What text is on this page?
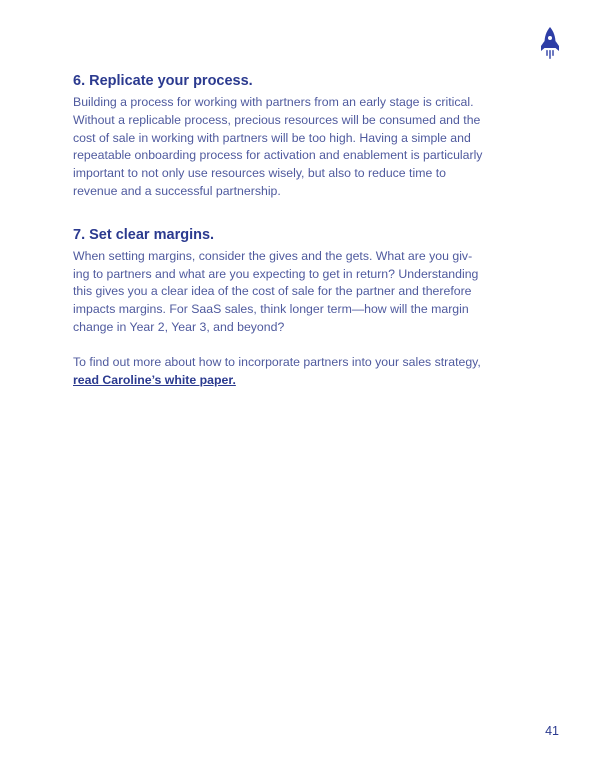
6. Replicate your process.

Building a process for working with partners from an early stage is critical.
Without a replicable process, precious resources will be consumed and the
cost of sale in working with partners will be too high. Having a simple and
repeatable onboarding process for activation and enablement is particularly
important to not only use resources wisely, but also to reduce time to
revenue and a successful partnership.

7. Set clear margins.

When setting margins, consider the gives and the gets. What are you giv-
ing to partners and what are you expecting to get in return? Understanding
this gives you a clear idea of the cost of sale for the partner and therefore
impacts margins. For SaaS sales, think longer term—how will the margin
change in Year 2, Year 3, and beyond?

To find out more about how to incorporate partners into your sales strategy,
read Caroline’s white paper.

41
